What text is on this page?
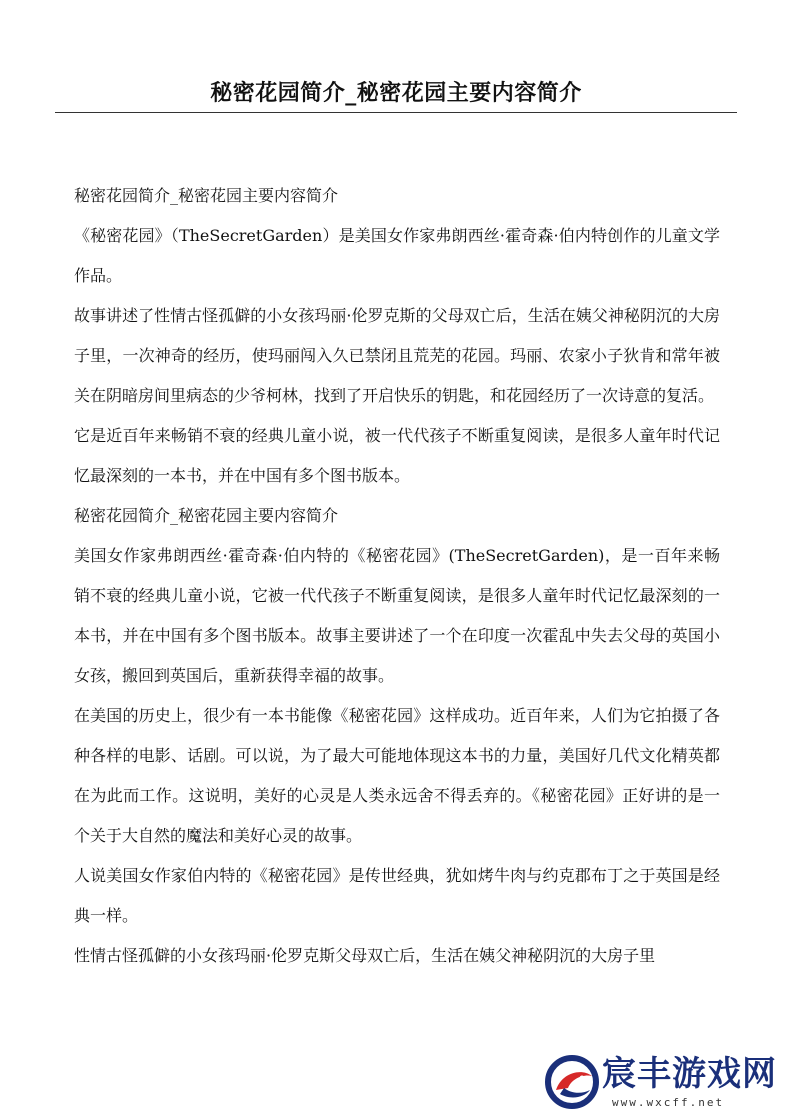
秘密花园简介_秘密花园主要内容简介

秘密花园简介_秘密花园主要内容简介

《秘密花园》（TheSecretGarden）是美国女作家弗朗西丝·霍奇森·伯内特创作的儿童文学作品。

故事讲述了性情古怪孤僻的小女孩玛丽·伦罗克斯的父母双亡后，生活在姨父神秘阴沉的大房子里，一次神奇的经历，使玛丽闯入久已禁闭且荒芜的花园。玛丽、农家小子狄肯和常年被关在阴暗房间里病态的少爷柯林，找到了开启快乐的钥匙，和花园经历了一次诗意的复活。

它是近百年来畅销不衰的经典儿童小说，被一代代孩子不断重复阅读，是很多人童年时代记忆最深刻的一本书，并在中国有多个图书版本。

秘密花园简介_秘密花园主要内容简介

美国女作家弗朗西丝·霍奇森·伯内特的《秘密花园》(TheSecretGarden)，是一百年来畅销不衰的经典儿童小说，它被一代代孩子不断重复阅读，是很多人童年时代记忆最深刻的一本书，并在中国有多个图书版本。故事主要讲述了一个在印度一次霍乱中失去父母的英国小女孩，搬回到英国后，重新获得幸福的故事。

在美国的历史上，很少有一本书能像《秘密花园》这样成功。近百年来，人们为它拍摄了各种各样的电影、话剧。可以说，为了最大可能地体现这本书的力量，美国好几代文化精英都在为此而工作。这说明，美好的心灵是人类永远舍不得丢弃的。《秘密花园》正好讲的是一个关于大自然的魔法和美好心灵的故事。

人说美国女作家伯内特的《秘密花园》是传世经典，犹如烤牛肉与约克郡布丁之于英国是经典一样。

性情古怪孤僻的小女孩玛丽·伦罗克斯父母双亡后，生活在姨父神秘阴沉的大房子里

宸丰游戏网
www.wxcff.net
